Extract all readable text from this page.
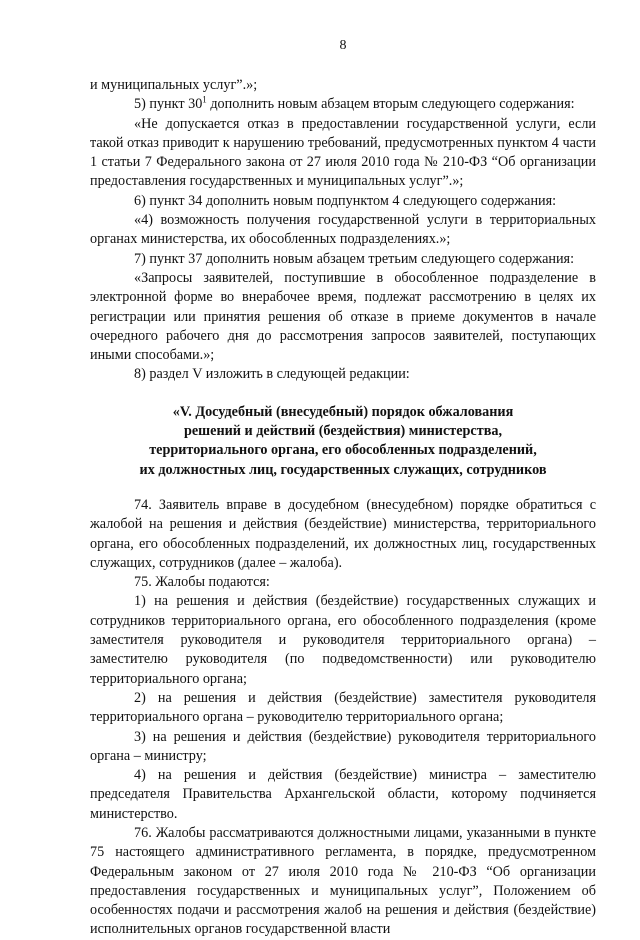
8

и муниципальных услуг”.»;

5) пункт $30^1$ дополнить новым абзацем вторым следующего содержания:

«Не допускается отказ в предоставлении государственной услуги, если такой отказ приводит к нарушению требований, предусмотренных пунктом 4 части 1 статьи 7 Федерального закона от 27 июля 2010 года № 210-ФЗ “Об организации предоставления государственных и муниципальных услуг”.»;

6) пункт 34 дополнить новым подпунктом 4 следующего содержания:

«4) возможность получения государственной услуги в территориальных органах министерства, их обособленных подразделениях.»;

7) пункт 37 дополнить новым абзацем третьим следующего содержания:

«Запросы заявителей, поступившие в обособленное подразделение в электронной форме во внерабочее время, подлежат рассмотрению в целях их регистрации или принятия решения об отказе в приеме документов в начале очередного рабочего дня до рассмотрения запросов заявителей, поступающих иными способами.»;

8) раздел V изложить в следующей редакции:

«V. Досудебный (внесудебный) порядок обжалования
решений и действий (бездействия) министерства,
территориального органа, его обособленных подразделений,
их должностных лиц, государственных служащих, сотрудников

74. Заявитель вправе в досудебном (внесудебном) порядке обратиться с жалобой на решения и действия (бездействие) министерства, территориального органа, его обособленных подразделений, их должностных лиц, государственных служащих, сотрудников (далее – жалоба).

75. Жалобы подаются:

1) на решения и действия (бездействие) государственных служащих и сотрудников территориального органа, его обособленного подразделения (кроме заместителя руководителя и руководителя территориального органа) – заместителю руководителя (по подведомственности) или руководителю территориального органа;

2) на решения и действия (бездействие) заместителя руководителя территориального органа – руководителю территориального органа;

3) на решения и действия (бездействие) руководителя территориального органа – министру;

4) на решения и действия (бездействие) министра – заместителю председателя Правительства Архангельской области, которому подчиняется министерство.

76. Жалобы рассматриваются должностными лицами, указанными в пункте 75 настоящего административного регламента, в порядке, предусмотренном Федеральным законом от 27 июля 2010 года № 210-ФЗ “Об организации предоставления государственных и муниципальных услуг”, Положением об особенностях подачи и рассмотрения жалоб на решения и действия (бездействие) исполнительных органов государственной власти
